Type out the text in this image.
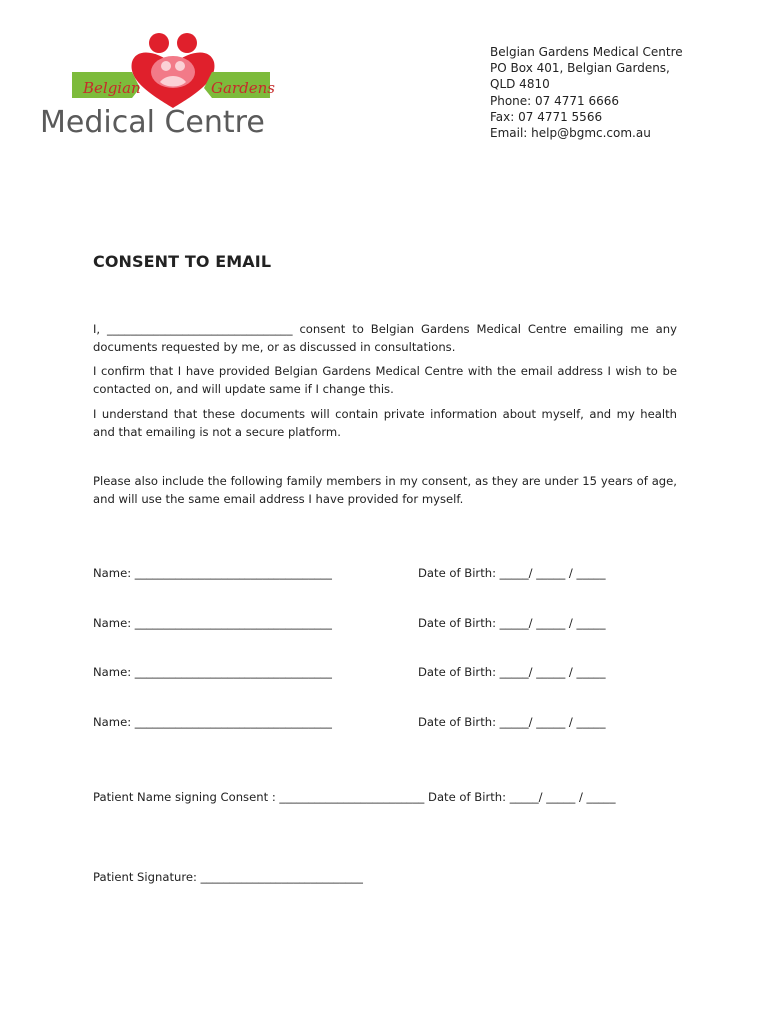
Belgian	Gardens
Medical Centre
Belgian Gardens Medical Centre
PO Box 401, Belgian Gardens,
QLD 4810
Phone: 07 4771 6666
Fax: 07 4771 5566
Email: help@bgmc.com.au
CONSENT TO EMAIL
I, ________________________________ consent to Belgian Gardens Medical Centre emailing me any documents requested by me, or as discussed in consultations.
I confirm that I have provided Belgian Gardens Medical Centre with the email address I wish to be contacted on, and will update same if I change this.
I understand that these documents will contain private information about myself, and my health and that emailing is not a secure platform.
Please also include the following family members in my consent, as they are under 15 years of age, and will use the same email address I have provided for myself.
Name: __________________________________	Date of Birth: _____/ _____ / _____
Name: __________________________________	Date of Birth: _____/ _____ / _____
Name: __________________________________	Date of Birth: _____/ _____ / _____
Name: __________________________________	Date of Birth: _____/ _____ / _____
Patient Name signing Consent : _________________________ Date of Birth: _____/ _____ / _____
Patient Signature: ____________________________
